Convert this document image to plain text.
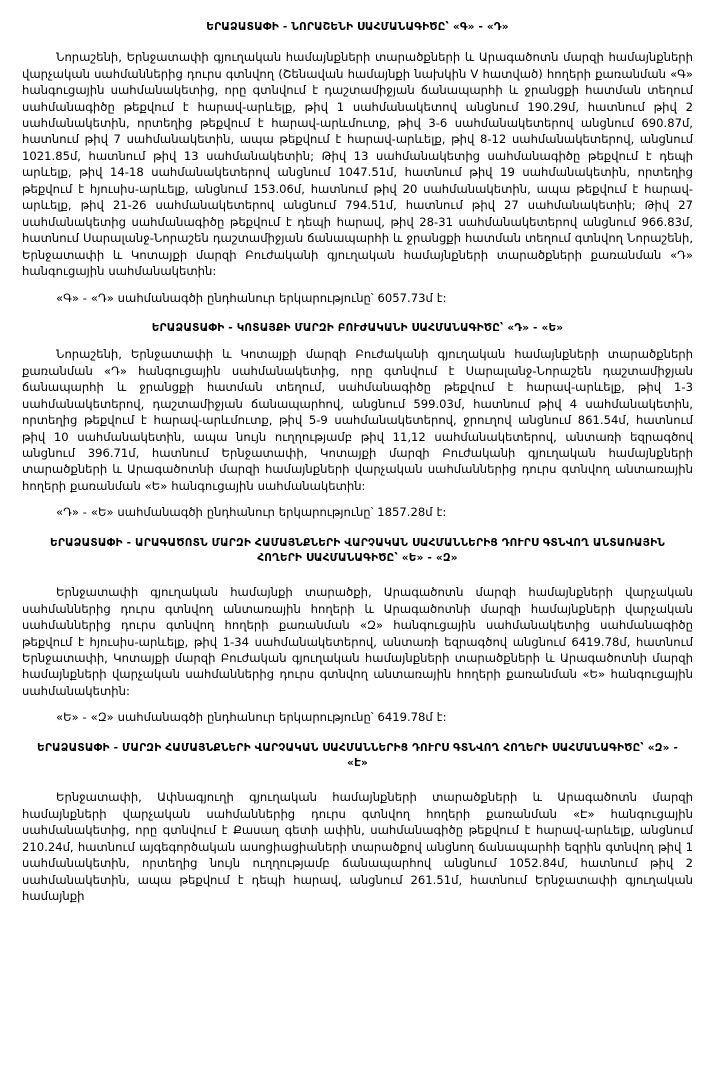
ԵՐԱՁԱՏԱՓԻ - ՆՈՐԱՇԵՆԻ ՍԱՀՄԱՆԱԳԻԾԸ՝ «Գ» - «Դ»

Նորաշենի, Երնջատափի գյուղական համայնքների տարածքների և Արագածոտն մարզի համայնքների վարչական սահմաններից դուրս գտնվող (Շենավան համայնքի նախկին V հատված) հողերի քառանման «Գ» հանգուցային սահմանակետից, որը գտնվում է դաշտամիջյան ճանապարհի և ջրանցքի հատման տեղում սահմանագիծը թեքվում է հարավ-արևելք, թիվ 1 սահմանակետով անցնում 190.29մ, հատնում թիվ 2 սահմանակետին, որտեղից թեքվում է հարավ-արևմուտք, թիվ 3-6 սահմանակետերով անցնում 690.87մ, հատնում թիվ 7 սահմանակետին, ապա թեքվում է հարավ-արևելք, թիվ 8-12 սահմանակետերով, անցնում 1021.85մ, հատնում թիվ 13 սահմանակետին; Թիվ 13 սահմանակետից սահմանագիծը թեքվում է դեպի արևելք, թիվ 14-18 սահմանակետերով անցնում 1047.51մ, հատնում թիվ 19 սահմանակետին, որտեղից թեքվում է հյուսիս-արևելք, անցնում 153.06մ, հատնում թիվ 20 սահմանակետին, ապա թեքվում է հարավ-արևելք, թիվ 21-26 սահմանակետերով անցնում 794.51մ, հատնում թիվ 27 սահմանակետին; Թիվ 27 սահմանակետից սահմանագիծը թեքվում է դեպի հարավ, թիվ 28-31 սահմանակետերով անցնում 966.83մ, հատնում Սարալանջ-Նորաշեն դաշտամիջյան ճանապարհի և ջրանցքի հատման տեղում գտնվող Նորաշենի, Երնջատափի և Կոտայքի մարզի Բուժականի գյուղական համայնքների տարածքների քառանման «Դ» հանգուցային սահմանակետին:

«Գ» - «Դ» սահմանագծի ընդհանուր երկարությունը՝ 6057.73մ է:

ԵՐԱՁԱՏԱՓԻ - ԿՈՏԱՅՔԻ ՄԱՐԶԻ ԲՈՒԺԱԿԱՆԻ ՍԱՀՄԱՆԱԳԻԾԸ՝ «Դ» - «Ե»

Նորաշենի, Երնջատափի և Կոտայքի մարզի Բուժականի գյուղական համայնքների տարածքների քառանման «Դ» հանգուցային սահմանակետից, որը գտնվում է Սարալանջ-Նորաշեն դաշտամիջյան ճանապարհի և ջրանցքի հատման տեղում, սահմանագիծը թեքվում է հարավ-արևելք, թիվ 1-3 սահմանակետերով, դաշտամիջյան ճանապարհով, անցնում 599.03մ, հատնում թիվ 4 սահմանակետին, որտեղից թեքվում է հարավ-արևմուտք, թիվ 5-9 սահմանակետերով, ջրուղով անցնում 861.54մ, հատնում թիվ 10 սահմանակետին, ապա նույն ուղղությամբ թիվ 11,12 սահմանակետերով, անտառի եզրագծով անցնում 396.71մ, հատնում Երնջատափի, Կոտայքի մարզի Բուժականի գյուղական համայնքների տարածքների և Արագածոտնի մարզի համայնքների վարչական սահմաններից դուրս գտնվող անտառային հողերի քառանման «Ե» հանգուցային սահմանակետին:

«Դ» - «Ե» սահմանագծի ընդհանուր երկարությունը՝ 1857.28մ է:

ԵՐԱՁԱՏԱՓԻ - ԱՐԱԳԱԾՈՏՆ ՄԱՐԶԻ ՀԱՄԱՅՆՔՆԵՐԻ ՎԱՐՉԱԿԱՆ ՍԱՀՄԱՆՆԵՐԻՑ ԴՈՒՐՍ ԳՏՆՎՈՂ ԱՆՏԱՌԱՅԻՆ ՀՈՂԵՐԻ ՍԱՀՄԱՆԱԳԻԾԸ՝ «Ե» - «Զ»

Երնջատափի գյուղական համայնքի տարածքի, Արագածոտն մարզի համայնքների վարչական սահմաններից դուրս գտնվող անտառային հողերի և Արագածոտնի մարզի համայնքների վարչական սահմաններից դուրս գտնվող հողերի քառանման «Զ» հանգուցային սահմանակետից սահմանագիծը թեքվում է հյուսիս-արևելք, թիվ 1-34 սահմանակետերով, անտառի եզրագծով անցնում 6419.78մ, հատնում Երնջատափի, Կոտայքի մարզի Բուժական գյուղական համայնքների տարածքների և Արագածոտնի մարզի համայնքների վարչական սահմաններից դուրս գտնվող անտառային հողերի քառանման «Ե» հանգուցային սահմանակետին:

«Ե» - «Զ» սահմանագծի ընդհանուր երկարությունը՝ 6419.78մ է:

ԵՐԱՁԱՏԱՓԻ - ՄԱՐԶԻ ՀԱՄԱՅՆՔՆԵՐԻ ՎԱՐՉԱԿԱՆ ՍԱՀՄԱՆՆԵՐԻՑ ԴՈՒՐՍ ԳՏՆՎՈՂ ՀՈՂԵՐԻ ՍԱՀՄԱՆԱԳԻԾԸ՝ «Զ» - «Է»

Երնջատափի, Ափնագյուղի գյուղական համայնքների տարածքների և Արագածոտն մարզի համայնքների վարչական սահմաններից դուրս գտնվող հողերի քառանման «Է» հանգուցային սահմանակետից, որը գտնվում է Քասաղ գետի ափին, սահմանագիծը թեքվում է հարավ-արևելք, անցնում 210.24մ, հատնում այգեգործական ասոցիացիաների տարածքով անցնող ճանապարհի եզրին գտնվող թիվ 1 սահմանակետին, որտեղից նույն ուղղությամբ ճանապարհով անցնում 1052.84մ, հատնում թիվ 2 սահմանակետին, ապա թեքվում է դեպի հարավ, անցնում 261.51մ, հատնում Երնջատափի գյուղական համայնքի
